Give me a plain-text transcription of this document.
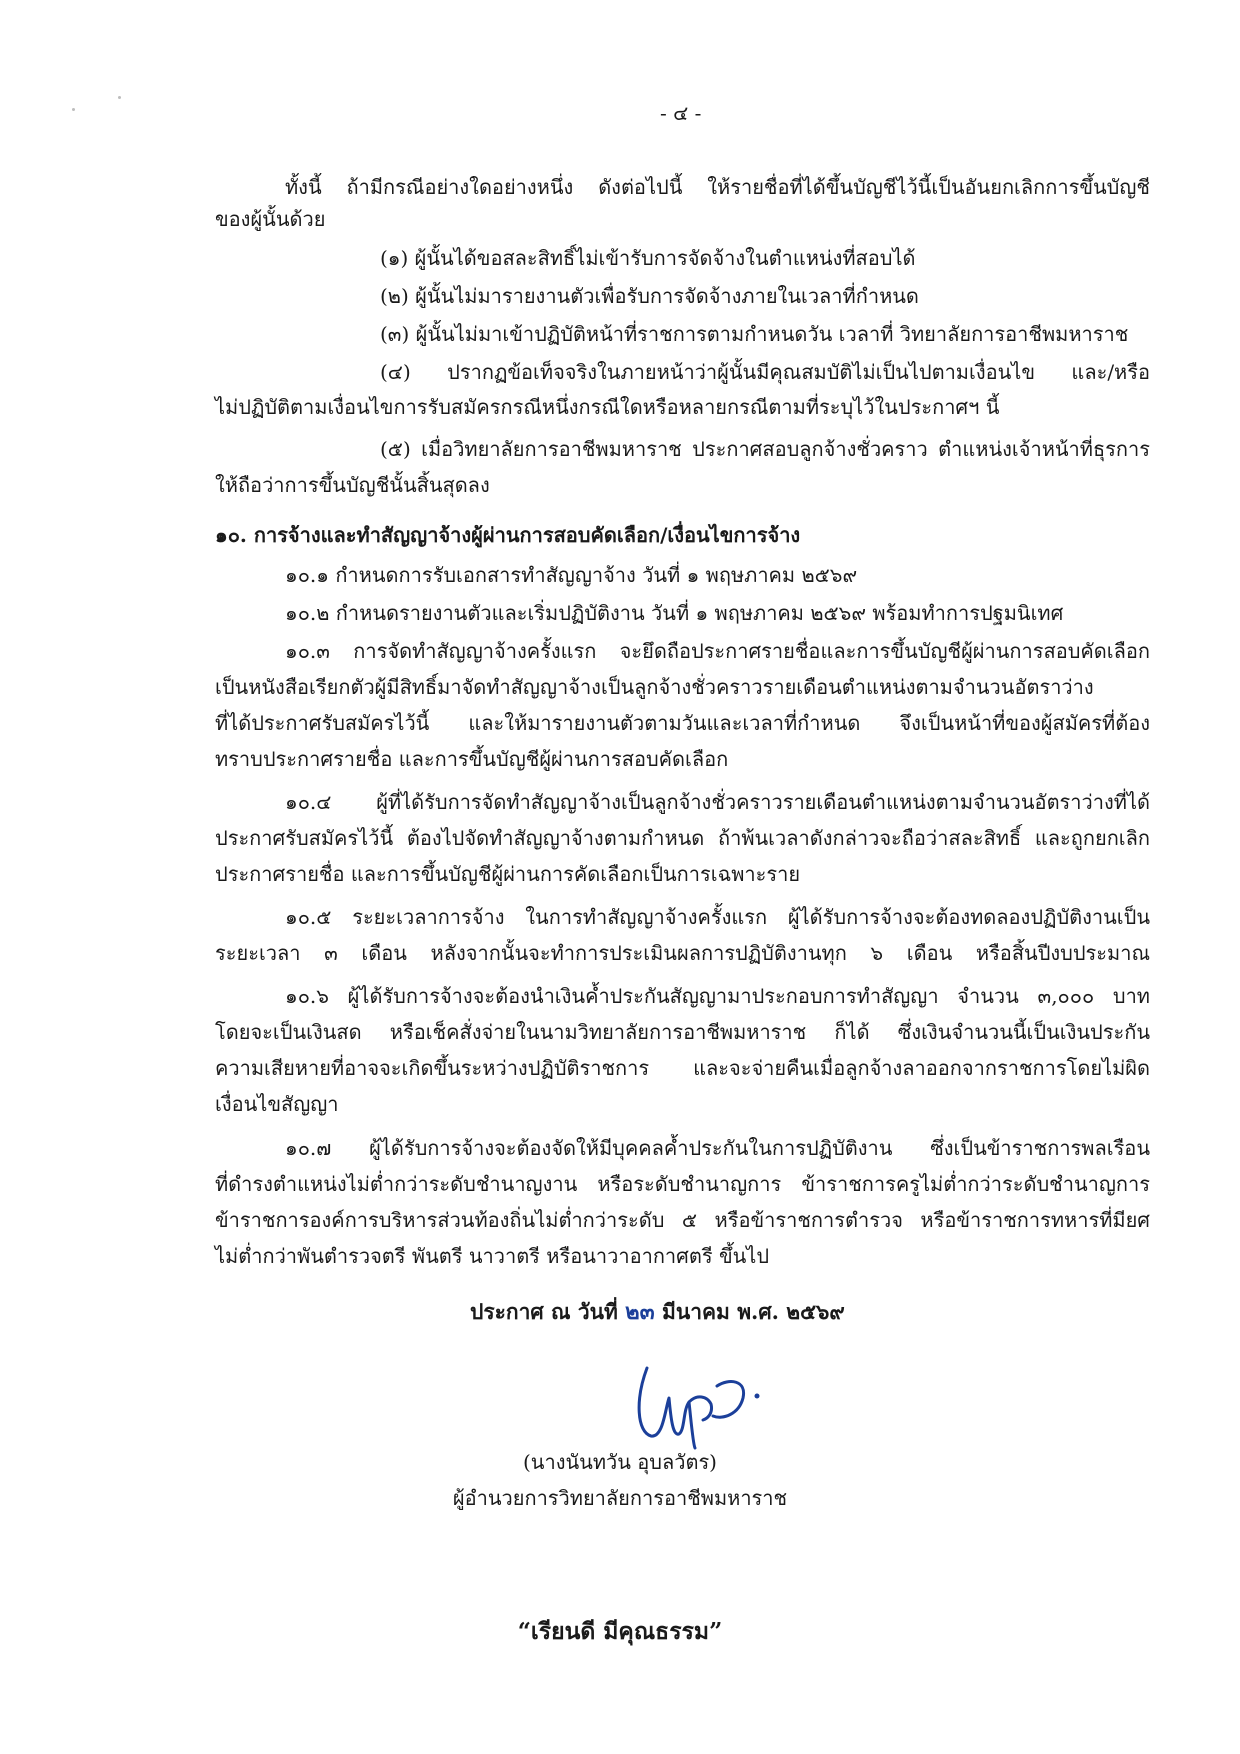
- ๔ -
ทั้งนี้ ถ้ามีกรณีอย่างใดอย่างหนึ่ง ดังต่อไปนี้ ให้รายชื่อที่ได้ขึ้นบัญชีไว้นี้เป็นอันยกเลิกการขึ้นบัญชี
ของผู้นั้นด้วย
(๑) ผู้นั้นได้ขอสละสิทธิ์ไม่เข้ารับการจัดจ้างในตำแหน่งที่สอบได้
(๒) ผู้นั้นไม่มารายงานตัวเพื่อรับการจัดจ้างภายในเวลาที่กำหนด
(๓) ผู้นั้นไม่มาเข้าปฏิบัติหน้าที่ราชการตามกำหนดวัน เวลาที่ วิทยาลัยการอาชีพมหาราช
(๔) ปรากฏข้อเท็จจริงในภายหน้าว่าผู้นั้นมีคุณสมบัติไม่เป็นไปตามเงื่อนไข และ/หรือ
ไม่ปฏิบัติตามเงื่อนไขการรับสมัครกรณีหนึ่งกรณีใดหรือหลายกรณีตามที่ระบุไว้ในประกาศฯ นี้
(๕) เมื่อวิทยาลัยการอาชีพมหาราช ประกาศสอบลูกจ้างชั่วคราว ตำแหน่งเจ้าหน้าที่ธุรการ
ให้ถือว่าการขึ้นบัญชีนั้นสิ้นสุดลง
๑๐. การจ้างและทำสัญญาจ้างผู้ผ่านการสอบคัดเลือก/เงื่อนไขการจ้าง
๑๐.๑ กำหนดการรับเอกสารทำสัญญาจ้าง วันที่ ๑ พฤษภาคม ๒๕๖๙
๑๐.๒ กำหนดรายงานตัวและเริ่มปฏิบัติงาน วันที่ ๑ พฤษภาคม ๒๕๖๙ พร้อมทำการปฐมนิเทศ
๑๐.๓ การจัดทำสัญญาจ้างครั้งแรก จะยึดถือประกาศรายชื่อและการขึ้นบัญชีผู้ผ่านการสอบคัดเลือก
เป็นหนังสือเรียกตัวผู้มีสิทธิ์มาจัดทำสัญญาจ้างเป็นลูกจ้างชั่วคราวรายเดือนตำแหน่งตามจำนวนอัตราว่าง
ที่ได้ประกาศรับสมัครไว้นี้ และให้มารายงานตัวตามวันและเวลาที่กำหนด จึงเป็นหน้าที่ของผู้สมัครที่ต้อง
ทราบประกาศรายชื่อ และการขึ้นบัญชีผู้ผ่านการสอบคัดเลือก
๑๐.๔ ผู้ที่ได้รับการจัดทำสัญญาจ้างเป็นลูกจ้างชั่วคราวรายเดือนตำแหน่งตามจำนวนอัตราว่างที่ได้
ประกาศรับสมัครไว้นี้ ต้องไปจัดทำสัญญาจ้างตามกำหนด ถ้าพ้นเวลาดังกล่าวจะถือว่าสละสิทธิ์ และถูกยกเลิก
ประกาศรายชื่อ และการขึ้นบัญชีผู้ผ่านการคัดเลือกเป็นการเฉพาะราย
๑๐.๕ ระยะเวลาการจ้าง ในการทำสัญญาจ้างครั้งแรก ผู้ได้รับการจ้างจะต้องทดลองปฏิบัติงานเป็น
ระยะเวลา ๓ เดือน หลังจากนั้นจะทำการประเมินผลการปฏิบัติงานทุก ๖ เดือน หรือสิ้นปีงบประมาณ
๑๐.๖ ผู้ได้รับการจ้างจะต้องนำเงินค้ำประกันสัญญามาประกอบการทำสัญญา จำนวน ๓,๐๐๐ บาท
โดยจะเป็นเงินสด หรือเช็คสั่งจ่ายในนามวิทยาลัยการอาชีพมหาราช ก็ได้ ซึ่งเงินจำนวนนี้เป็นเงินประกัน
ความเสียหายที่อาจจะเกิดขึ้นระหว่างปฏิบัติราชการ และจะจ่ายคืนเมื่อลูกจ้างลาออกจากราชการโดยไม่ผิด
เงื่อนไขสัญญา
๑๐.๗ ผู้ได้รับการจ้างจะต้องจัดให้มีบุคคลค้ำประกันในการปฏิบัติงาน ซึ่งเป็นข้าราชการพลเรือน
ที่ดำรงตำแหน่งไม่ต่ำกว่าระดับชำนาญงาน หรือระดับชำนาญการ ข้าราชการครูไม่ต่ำกว่าระดับชำนาญการ
ข้าราชการองค์การบริหารส่วนท้องถิ่นไม่ต่ำกว่าระดับ ๕ หรือข้าราชการตำรวจ หรือข้าราชการทหารที่มียศ
ไม่ต่ำกว่าพันตำรวจตรี พันตรี นาวาตรี หรือนาวาอากาศตรี ขึ้นไป
ประกาศ ณ วันที่ ๒๓ มีนาคม พ.ศ. ๒๕๖๙
(นางนันทวัน อุบลวัตร)
ผู้อำนวยการวิทยาลัยการอาชีพมหาราช
“เรียนดี มีคุณธรรม”
